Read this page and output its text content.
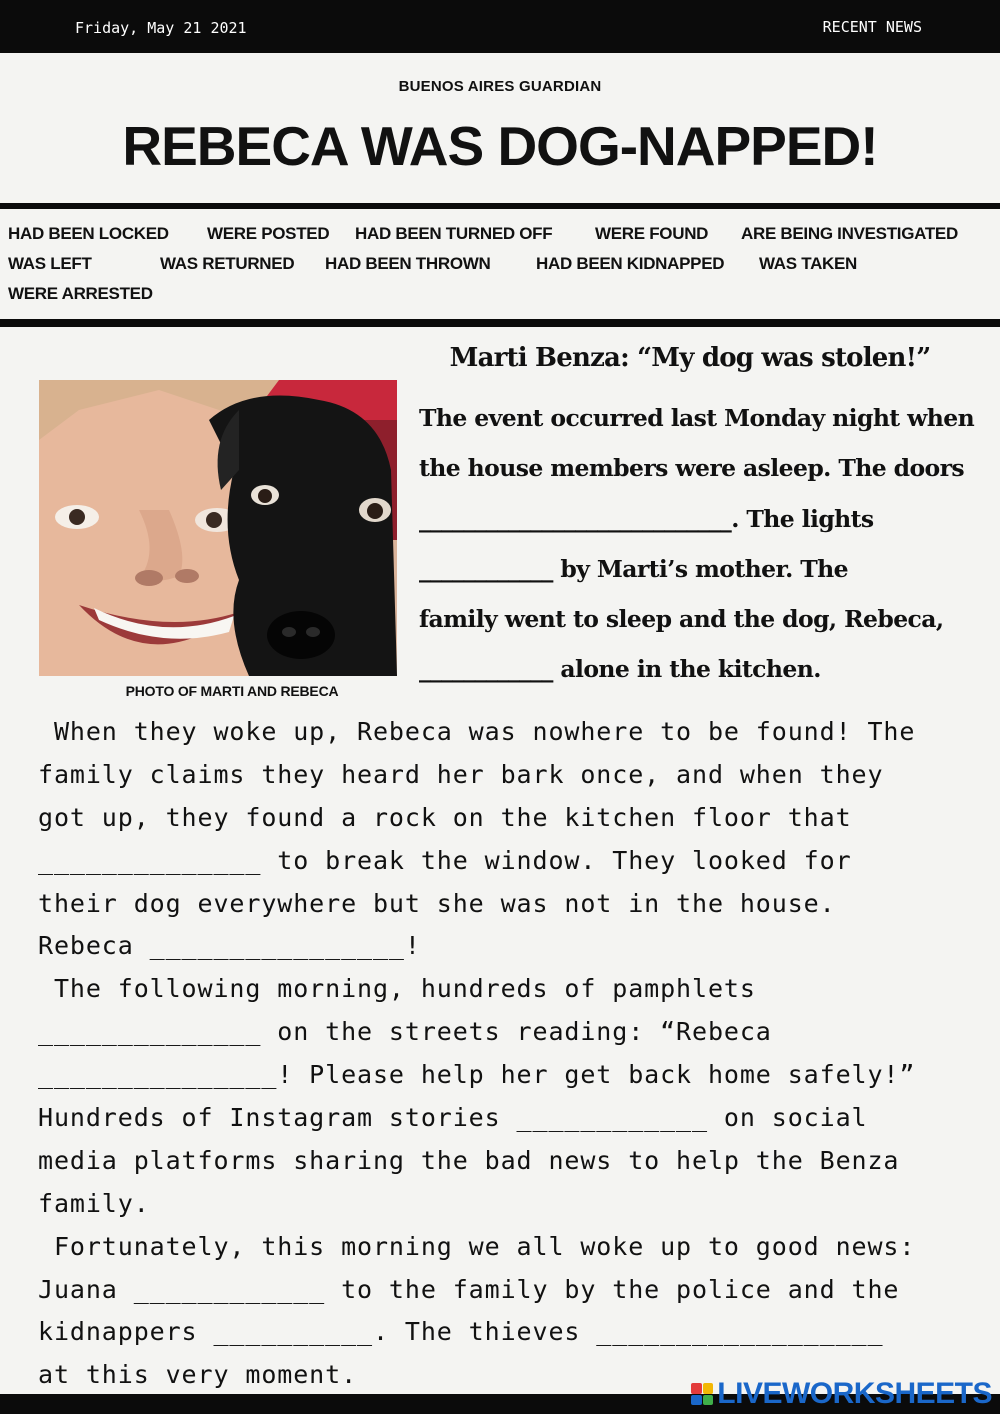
Friday, May 21 2021	RECENT NEWS
BUENOS AIRES GUARDIAN
REBECA WAS DOG-NAPPED!
HAD BEEN LOCKED WERE POSTED HAD BEEN TURNED OFF	WERE FOUND ARE BEING INVESTIGATED
WAS LEFT	WAS RETURNED HAD BEEN THROWN	HAD BEEN KIDNAPPED WAS TAKEN
WERE ARRESTED
PHOTO OF MARTI AND REBECA
Marti Benza: “My dog was stolen!”
The event occurred last Monday night when
the house members were asleep. The doors
____________________________. The lights
____________ by Marti’s mother. The
family went to sleep and the dog, Rebeca,
____________ alone in the kitchen.
When they woke up, Rebeca was nowhere to be found! The
family claims they heard her bark once, and when they
got up, they found a rock on the kitchen floor that
______________ to break the window. They looked for
their dog everywhere but she was not in the house.
Rebeca ________________!
The following morning, hundreds of pamphlets
______________ on the streets reading: “Rebeca
_______________! Please help her get back home safely!”
Hundreds of Instagram stories ____________ on social
media platforms sharing the bad news to help the Benza
family.
Fortunately, this morning we all woke up to good news:
Juana ____________ to the family by the police and the
kidnappers __________. The thieves __________________
at this very moment.
LIVEWORKSHEETS
